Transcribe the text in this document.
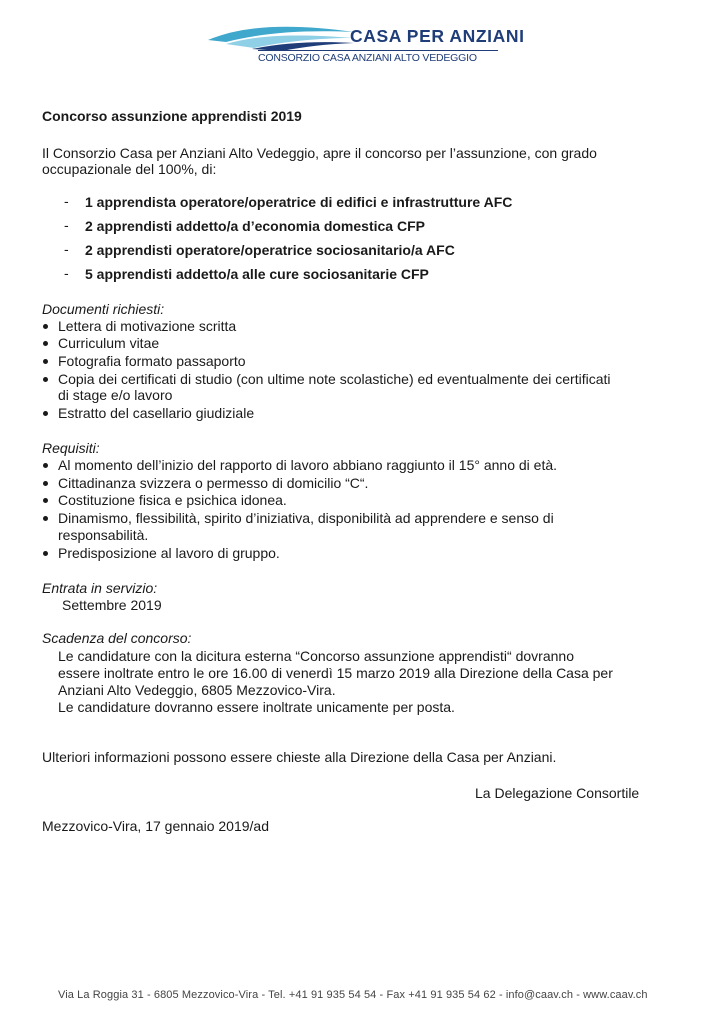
CASA PER ANZIANI
CONSORZIO CASA ANZIANI ALTO VEDEGGIO
Concorso assunzione apprendisti 2019
Il Consorzio Casa per Anziani Alto Vedeggio, apre il concorso per l’assunzione, con grado
occupazionale del 100%, di:
- 1 apprendista operatore/operatrice di edifici e infrastrutture AFC
- 2 apprendisti addetto/a d’economia domestica CFP
- 2 apprendisti operatore/operatrice sociosanitario/a AFC
- 5 apprendisti addetto/a alle cure sociosanitarie CFP
Documenti richiesti:
Lettera di motivazione scritta
Curriculum vitae
Fotografia formato passaporto
Copia dei certificati di studio (con ultime note scolastiche) ed eventualmente dei certificati
di stage e/o lavoro
Estratto del casellario giudiziale
Requisiti:
Al momento dell’inizio del rapporto di lavoro abbiano raggiunto il 15° anno di età.
Cittadinanza svizzera o permesso di domicilio “C“.
Costituzione fisica e psichica idonea.
Dinamismo, flessibilità, spirito d’iniziativa, disponibilità ad apprendere e senso di
responsabilità.
Predisposizione al lavoro di gruppo.
Entrata in servizio:
Settembre 2019
Scadenza del concorso:
Le candidature con la dicitura esterna “Concorso assunzione apprendisti“ dovranno
essere inoltrate entro le ore 16.00 di venerdì 15 marzo 2019 alla Direzione della Casa per
Anziani Alto Vedeggio, 6805 Mezzovico-Vira.
Le candidature dovranno essere inoltrate unicamente per posta.
Ulteriori informazioni possono essere chieste alla Direzione della Casa per Anziani.
La Delegazione Consortile
Mezzovico-Vira, 17 gennaio 2019/ad
Via La Roggia 31 - 6805 Mezzovico-Vira - Tel. +41 91 935 54 54 - Fax +41 91 935 54 62 - info@caav.ch - www.caav.ch
